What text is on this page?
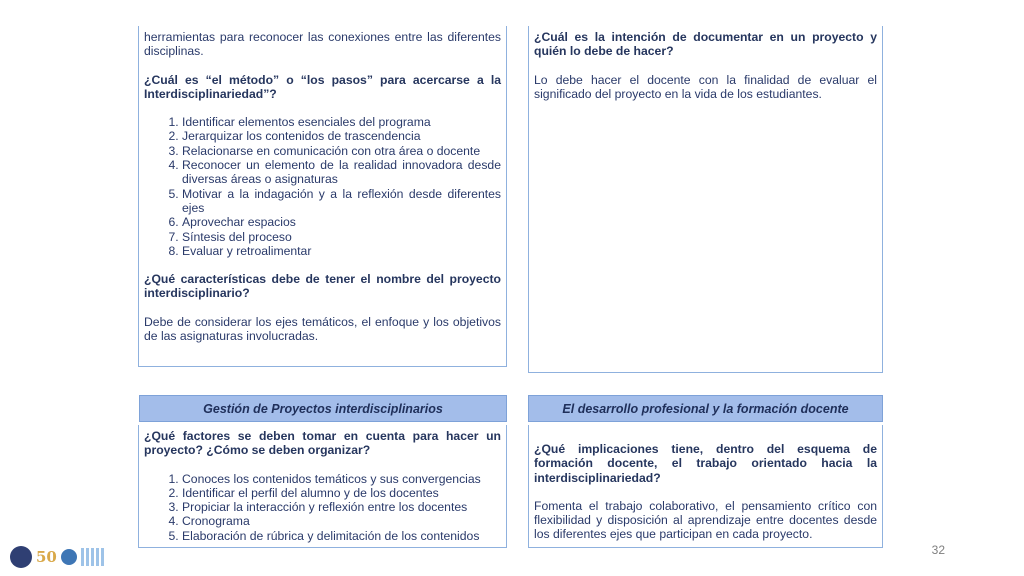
herramientas para reconocer las conexiones entre las diferentes disciplinas.

¿Cuál es “el método” o “los pasos” para acercarse a la Interdisciplinariedad”?

1. Identificar elementos esenciales del programa
2. Jerarquizar los contenidos de trascendencia
3. Relacionarse en comunicación con otra área o docente
4. Reconocer un elemento de la realidad innovadora desde diversas áreas o asignaturas
5. Motivar a la indagación y a la reflexión desde diferentes ejes
6. Aprovechar espacios
7. Síntesis del proceso
8. Evaluar y retroalimentar

¿Qué características debe de tener el nombre del proyecto interdisciplinario?

Debe de considerar los ejes temáticos, el enfoque y los objetivos de las asignaturas involucradas.

¿Cuál es la intención de documentar en un proyecto y quién lo debe de hacer?

Lo debe hacer el docente con la finalidad de evaluar el significado del proyecto en la vida de los estudiantes.

Gestión de Proyectos interdisciplinarios

¿Qué factores se deben tomar en cuenta para hacer un proyecto? ¿Cómo se deben organizar?

1. Conoces los contenidos temáticos y sus convergencias
2. Identificar el perfil del alumno y de los docentes
3. Propiciar la interacción y reflexión entre los docentes
4. Cronograma
5. Elaboración de rúbrica y delimitación de los contenidos
El desarrollo profesional y la formación docente

¿Qué implicaciones tiene, dentro del esquema de formación docente, el trabajo orientado hacia la interdisciplinariedad?

Fomenta el trabajo colaborativo, el pensamiento crítico con flexibilidad y disposición al aprendizaje entre docentes desde los diferentes ejes que participan en cada proyecto.

50	32
